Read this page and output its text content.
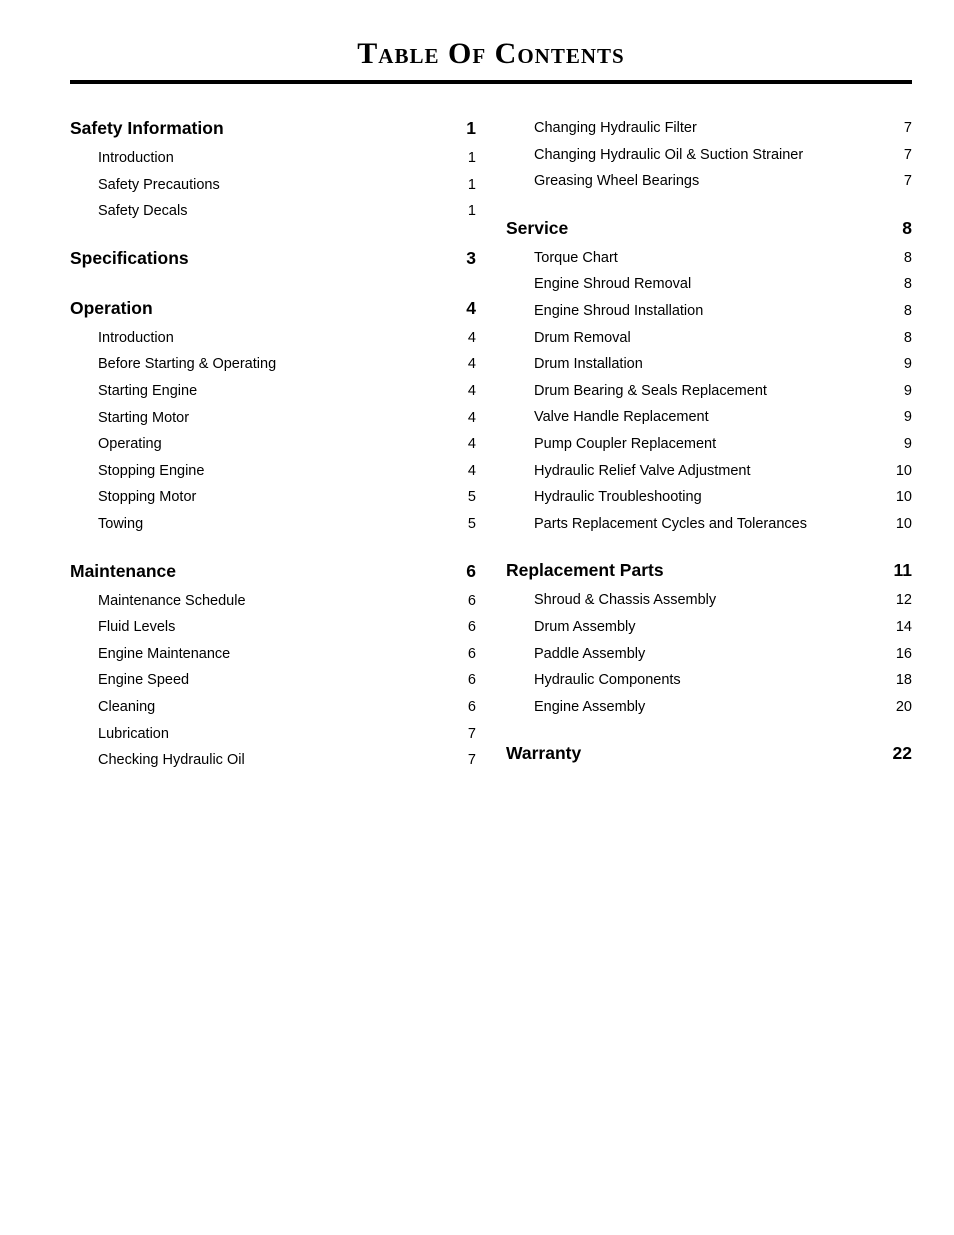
Table Of Contents
Safety Information	1
Introduction	1
Safety Precautions	1
Safety Decals	1
Specifications	3
Operation	4
Introduction	4
Before Starting & Operating	4
Starting Engine	4
Starting Motor	4
Operating	4
Stopping Engine	4
Stopping Motor	5
Towing	5
Maintenance	6
Maintenance Schedule	6
Fluid Levels	6
Engine Maintenance	6
Engine Speed	6
Cleaning	6
Lubrication	7
Checking Hydraulic Oil	7
Changing Hydraulic Filter	7
Changing Hydraulic Oil & Suction Strainer	7
Greasing Wheel Bearings	7
Service	8
Torque Chart	8
Engine Shroud Removal	8
Engine Shroud Installation	8
Drum Removal	8
Drum Installation	9
Drum Bearing & Seals Replacement	9
Valve Handle Replacement	9
Pump Coupler Replacement	9
Hydraulic Relief Valve Adjustment	10
Hydraulic Troubleshooting	10
Parts Replacement Cycles and Tolerances	10
Replacement Parts	11
Shroud & Chassis Assembly	12
Drum Assembly	14
Paddle Assembly	16
Hydraulic Components	18
Engine Assembly	20
Warranty	22
